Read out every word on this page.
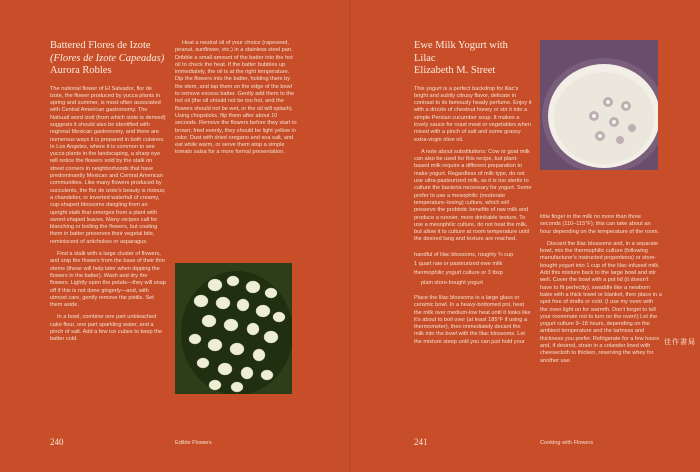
Battered Flores de Izote
(Flores de Izote Capeadas)
Aurora Robles

The national flower of El Salvador, flor de izote, the flower produced by yucca plants in spring and summer, is most often associated with Central American gastronomy. The Nahuatl word izotl (from which izote is derived) suggests it should also be identified with regional Mexican gastronomy, and there are numerous ways it is prepared in both cuisines. In Los Angeles, where it is common to see yucca plants in the landscaping, a sharp eye will notice the flowers sold by the stalk on street corners in neighborhoods that have predominantly Mexican and Central American communities. Like many flowers produced by succulents, the flor de izote's beauty is riotous; a chandelier, or inverted waterfall of creamy, cup-shaped blossoms dangling from an upright stalk that emerges from a plant with sword-shaped leaves. Many recipes call for blanching or boiling the flowers, but coating them in batter preserves their vegetal bite, reminiscent of artichokes or asparagus.

Find a stalk with a large cluster of flowers, and snip the flowers from the base of their thin stems (these will help later when dipping the flowers in the batter). Wash and dry the flowers. Lightly open the petals—they will snap off if this is not done gingerly—and, with utmost care, gently remove the pistils. Set them aside.

In a bowl, combine one part unbleached cake flour, one part sparkling water, and a pinch of salt. Add a few ice cubes to keep the batter cold.

Heat a neutral oil of your choice (rapeseed, peanut, sunflower, etc.) in a stainless steel pan. Dribble a small amount of the batter into the hot oil to check the heat. If the batter bubbles up immediately, the oil is at the right temperature. Dip the flowers into the batter, holding them by the stem, and tap them on the edge of the bowl to remove excess batter. Gently add them to the hot oil (the oil should not be too hot, and the flowers should not be wet, or the oil will splash). Using chopsticks, flip them after about 10 seconds. Remove the flowers before they start to brown; fried evenly, they should be light yellow in color. Dust with dried oregano and sea salt, and eat while warm, or serve them atop a simple tomato salsa for a more formal presentation.

240	Edible Flowers
Ewe Milk Yogurt with Lilac
Elizabeth M. Street

This yogurt is a perfect backdrop for lilac's bright and subtly citrusy flavor, delicate in contrast to its famously heady perfume. Enjoy it with a drizzle of chestnut honey or stir it into a simple Persian cucumber soup. It makes a lovely sauce for roast meat or vegetables when mixed with a pinch of salt and some grassy extra-virgin olive oil.

A note about substitutions: Cow or goat milk can also be used for this recipe, but plant-based milk require a different preparation to make yogurt. Regardless of milk type, do not use ultra-pasteurized milk, as it is too sterile to culture the bacteria necessary for yogurt. Some prefer to use a mesophilic (moderate temperature–loving) culture, which will preserve the probiotic benefits of raw milk and produce a runnier, more drinkable texture. To use a mesophilic culture, do not heat the milk, but allow it to culture at room temperature until the desired tang and texture are reached.

handful of lilac blossoms, roughly ¾ cup

1 quart raw or pasteurized ewe milk

thermophilic yogurt culture or 3 tbsp

plain store-bought yogurt

Place the lilac blossoms in a large glass or ceramic bowl. In a heavy-bottomed pot, heat the milk over medium-low heat until it looks like it's about to boil over (at least 185°F if using a thermometer), then immediately decant the milk into the bowl with the lilac blossoms. Let the mixture steep until you can just hold your

little finger in the milk no more than three seconds (110–115°F); this can take about an hour depending on the temperature of the room.

Discard the lilac blossoms and, in a separate bowl, mix the thermophilic culture (following manufacturer's instructed proportions) or store-bought yogurt into 1 cup of the lilac-infused milk. Add this mixture back to the large bowl and stir well. Cover the bowl with a pot lid (it doesn't have to fit perfectly), swaddle like a newborn babe with a thick towel or blanket, then place in a spot free of drafts or cold. (I use my oven with the oven light on for warmth. Don't forget to tell your roommate not to turn on the oven!) Let the yogurt culture 9–18 hours, depending on the ambient temperature and the tartness and thickness you prefer. Refrigerate for a few hours and, if desired, strain in a colander lined with cheesecloth to thicken, reserving the whey for another use.

241	Cooking with Flowers
佳作書局
